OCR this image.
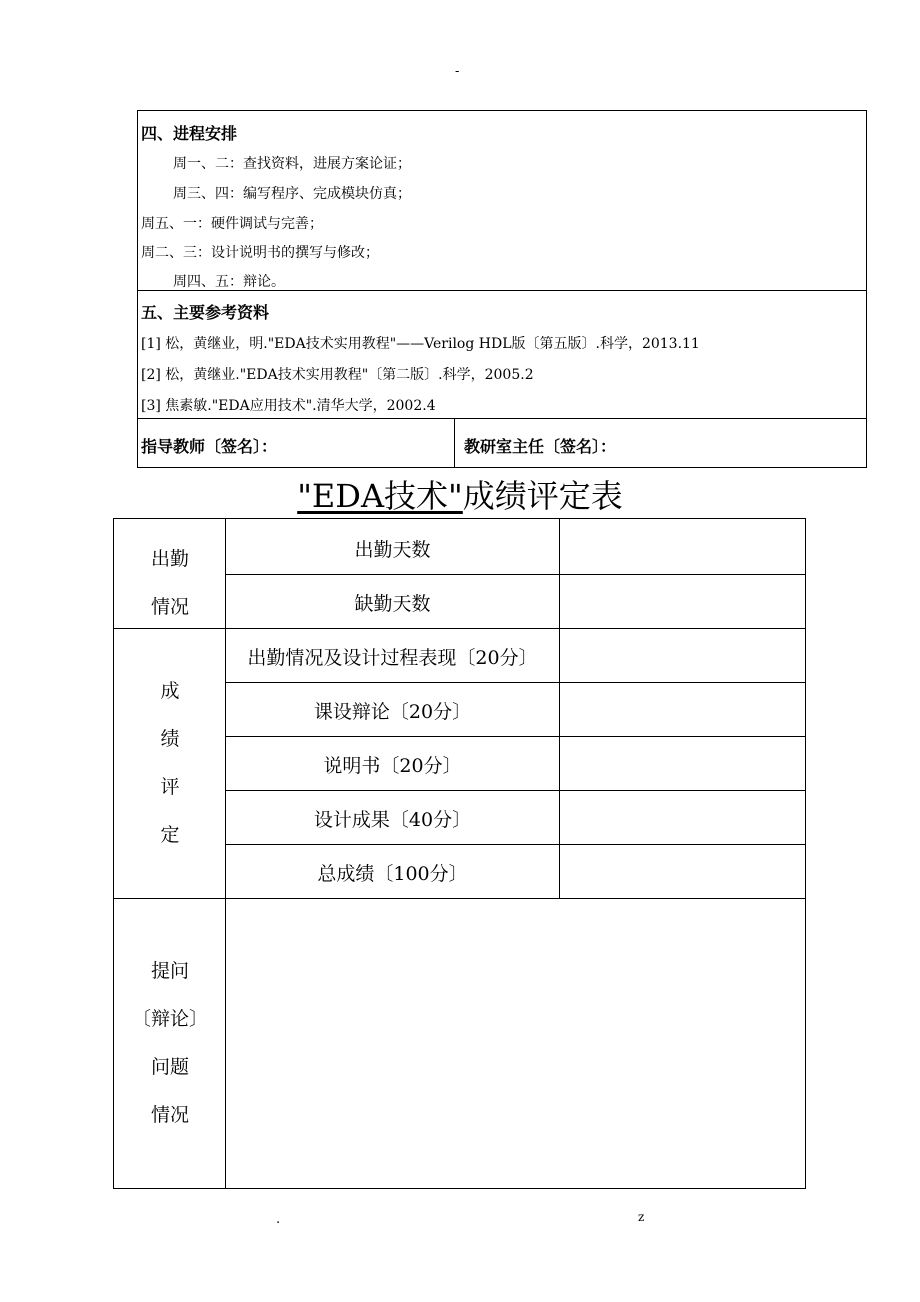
-
四、进程安排
周一、二：查找资料，进展方案论证；
周三、四：编写程序、完成模块仿真；
周五、一：硬件调试与完善；
周二、三：设计说明书的撰写与修改；
周四、五：辩论。
五、主要参考资料
[1] 松，黄继业，明."EDA技术实用教程"——Verilog HDL版〔第五版〕.科学，2013.11
[2] 松，黄继业."EDA技术实用教程"〔第二版〕.科学，2005.2
[3] 焦素敏."EDA应用技术".清华大学，2002.4
指导教师〔签名〕：	教研室主任〔签名〕：
"EDA技术"成绩评定表
出勤
情况
出勤天数
缺勤天数
成
绩
评
定
出勤情况及设计过程表现〔20分〕
课设辩论〔20分〕
说明书〔20分〕
设计成果〔40分〕
总成绩〔100分〕
提问
〔辩论〕
问题
情况
.	z
